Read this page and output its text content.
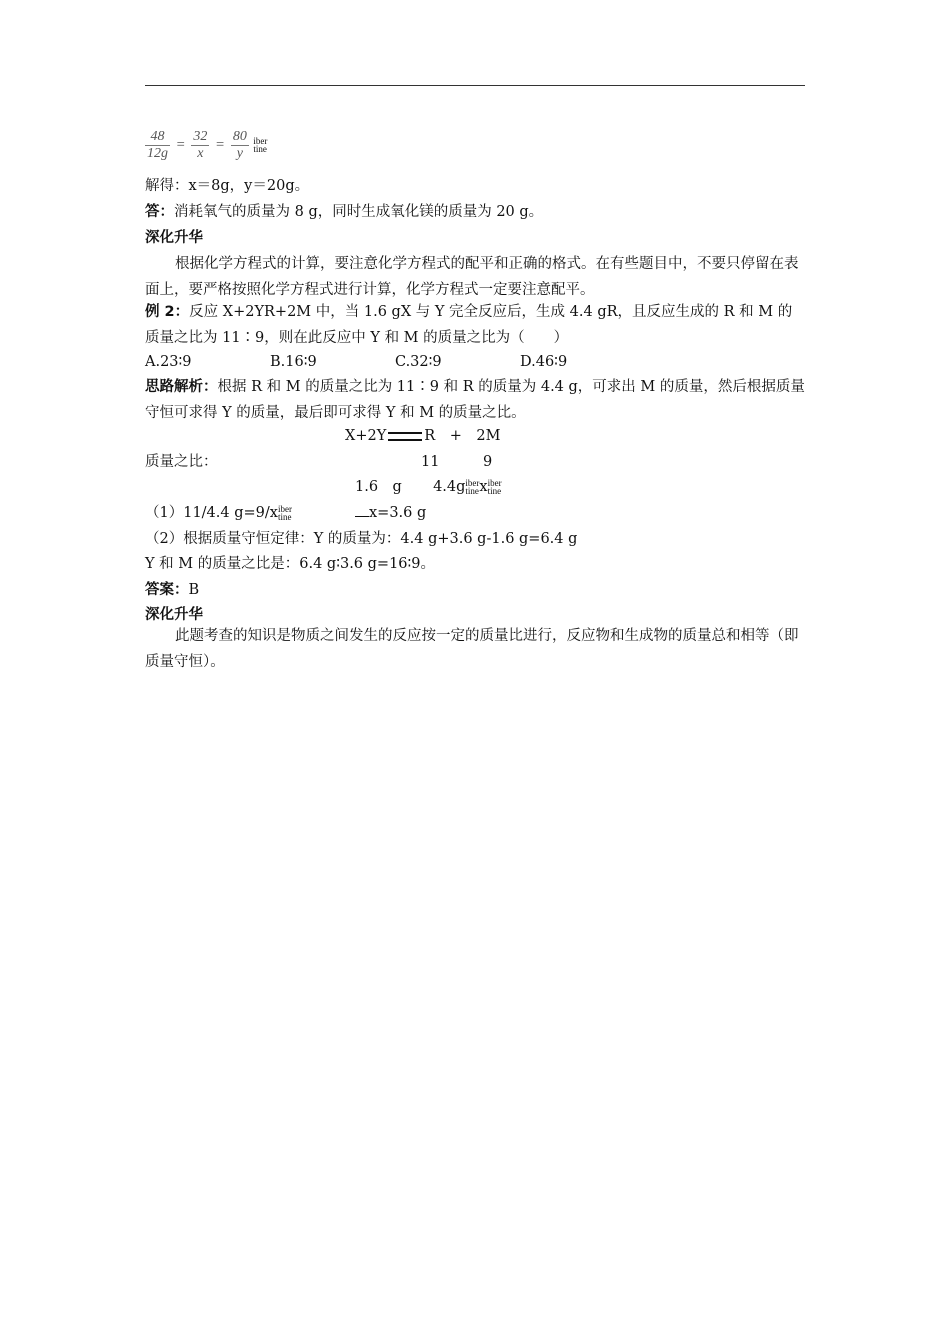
$\frac{48}{12g} = \frac{32}{x} = \frac{80}{y}$
iber
tine
解得：x＝8g，y＝20g。
答：消耗氧气的质量为 8 g，同时生成氧化镁的质量为 20 g。
深化升华
根据化学方程式的计算，要注意化学方程式的配平和正确的格式。在有些题目中，不要只停留在表面上，要严格按照化学方程式进行计算，化学方程式一定要注意配平。
例 2：反应 X+2YR+2M 中，当 1.6 gX 与 Y 完全反应后，生成 4.4 gR，且反应生成的 R 和 M 的质量之比为 11∶9，则在此反应中 Y 和 M 的质量之比为（　　）
A.23∶9	B.16∶9	C.32∶9	D.46∶9
思路解析：根据 R 和 M 的质量之比为 11∶9 和 R 的质量为 4.4 g，可求出 M 的质量，然后根据质量守恒可求得 Y 的质量，最后即可求得 Y 和 M 的质量之比。
X+2Y	R　+　2M
质量之比：	11　　　9
1.6　g 4.4g iber
tine x iber
tine
（1）11/4.4 g=9/x iber
tine	x=3.6 g
（2）根据质量守恒定律：Y 的质量为：4.4 g+3.6 g-1.6 g=6.4 g
Y 和 M 的质量之比是：6.4 g∶3.6 g=16∶9。
答案：B
深化升华
此题考查的知识是物质之间发生的反应按一定的质量比进行，反应物和生成物的质量总和相等（即质量守恒）。
